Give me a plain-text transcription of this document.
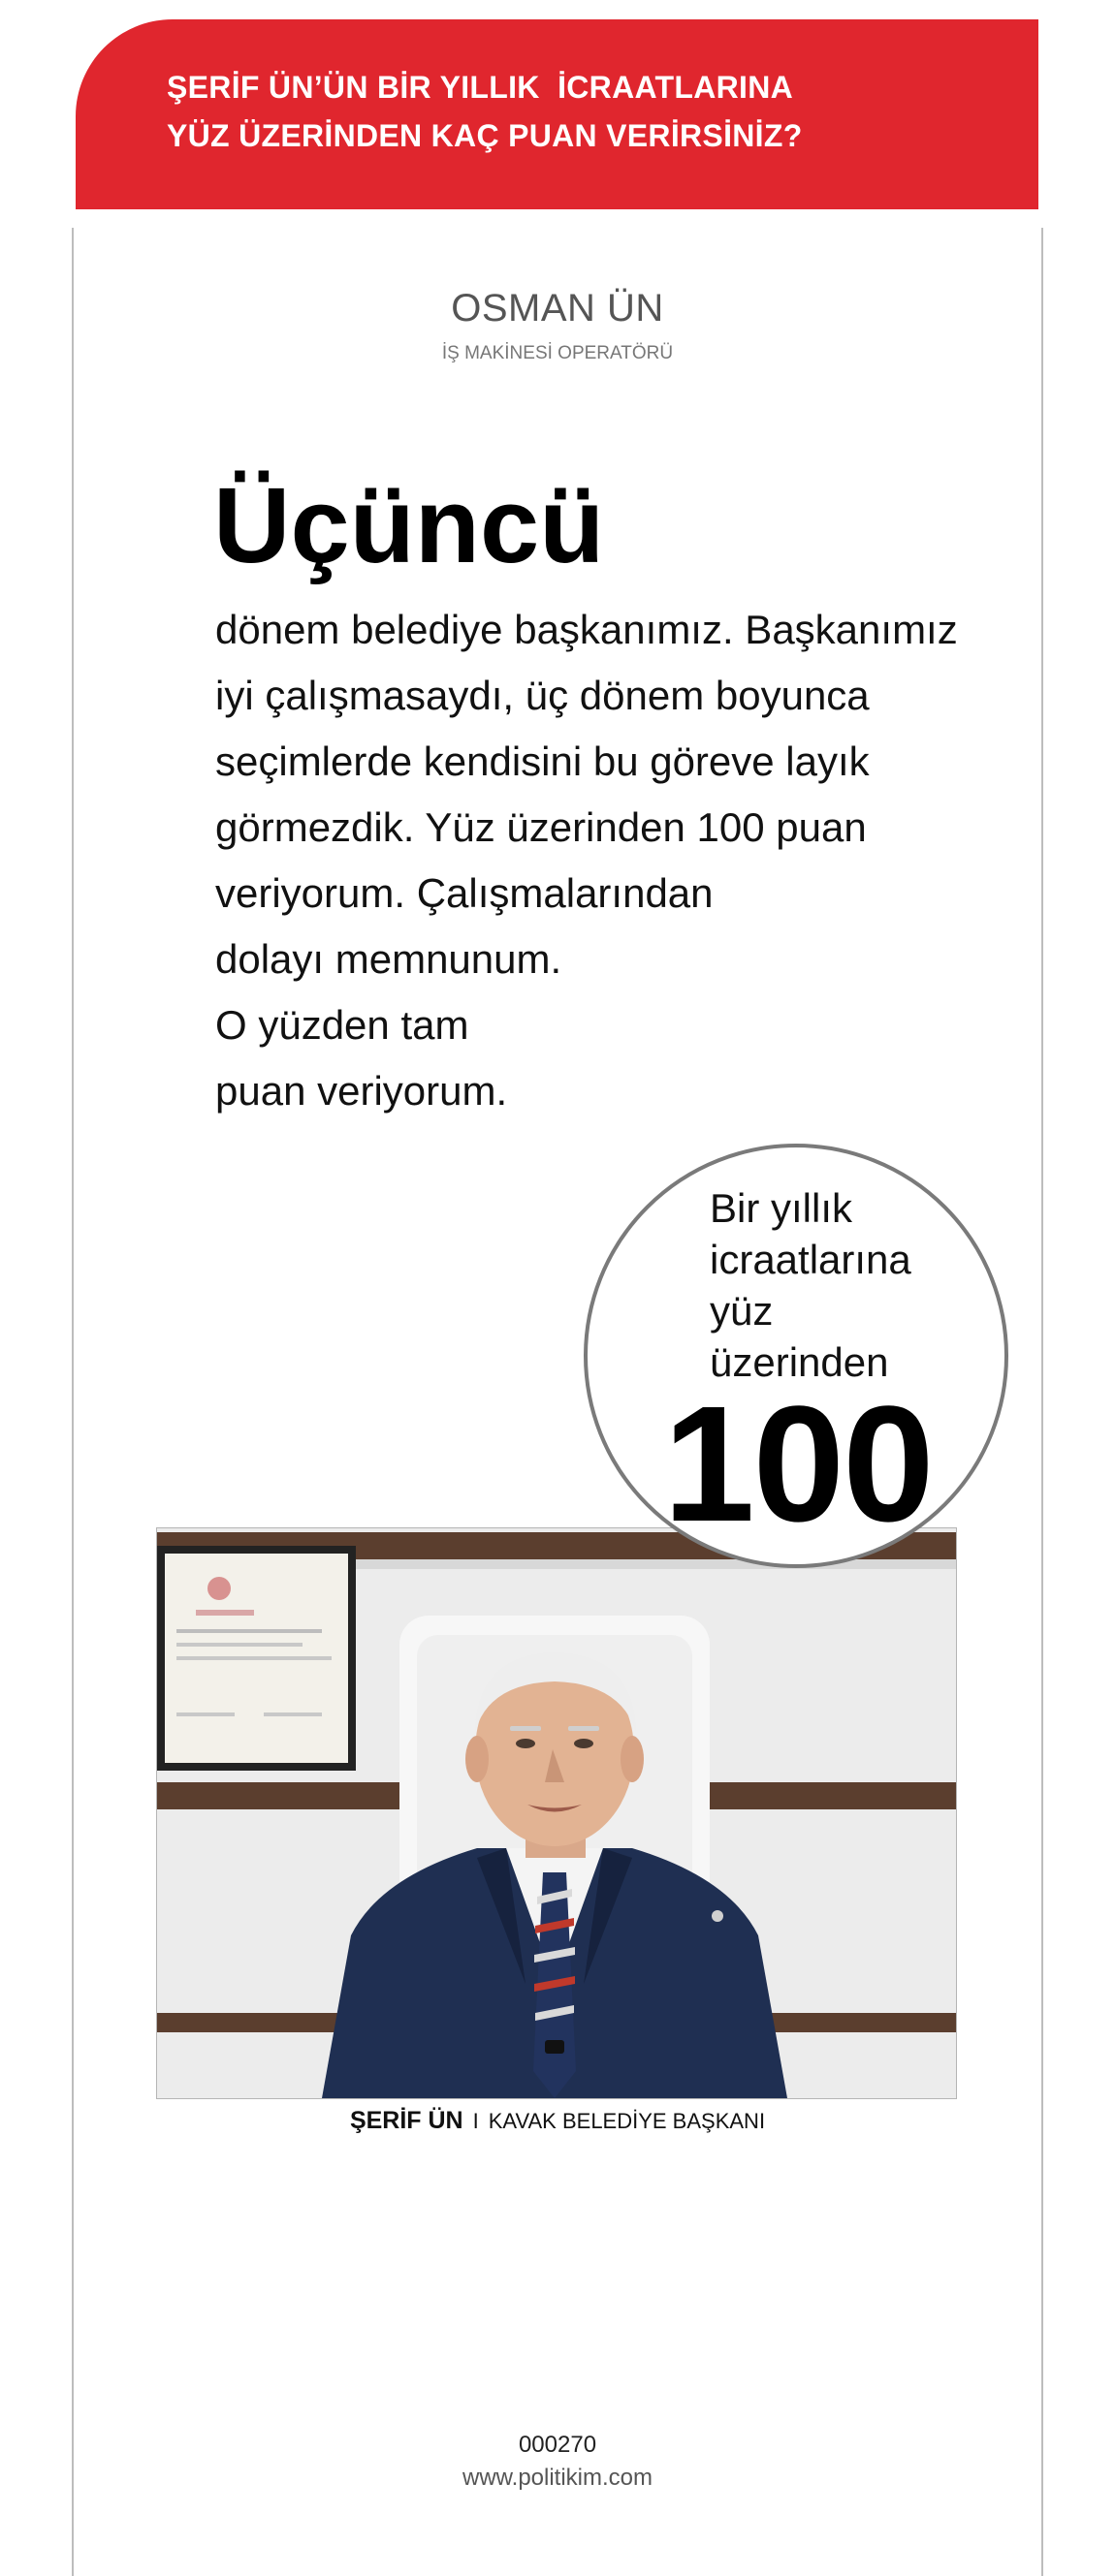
ŞERİF ÜN’ÜN BİR YILLIK  İCRAATLARINA
YÜZ ÜZERİNDEN KAÇ PUAN VERİRSİNİZ?
OSMAN ÜN
İŞ MAKİNESİ OPERATÖRÜ
Üçüncü
dönem belediye başkanımız. Başkanımız
iyi çalışmasaydı, üç dönem boyunca
seçimlerde kendisini bu göreve layık
görmezdik. Yüz üzerinden 100 puan
veriyorum. Çalışmalarından
dolayı memnunum.
O yüzden tam
puan veriyorum.
Bir yıllık
icraatlarına
yüz
üzerinden
100
ŞERİF ÜN I KAVAK BELEDİYE BAŞKANI
000270
www.politikim.com
